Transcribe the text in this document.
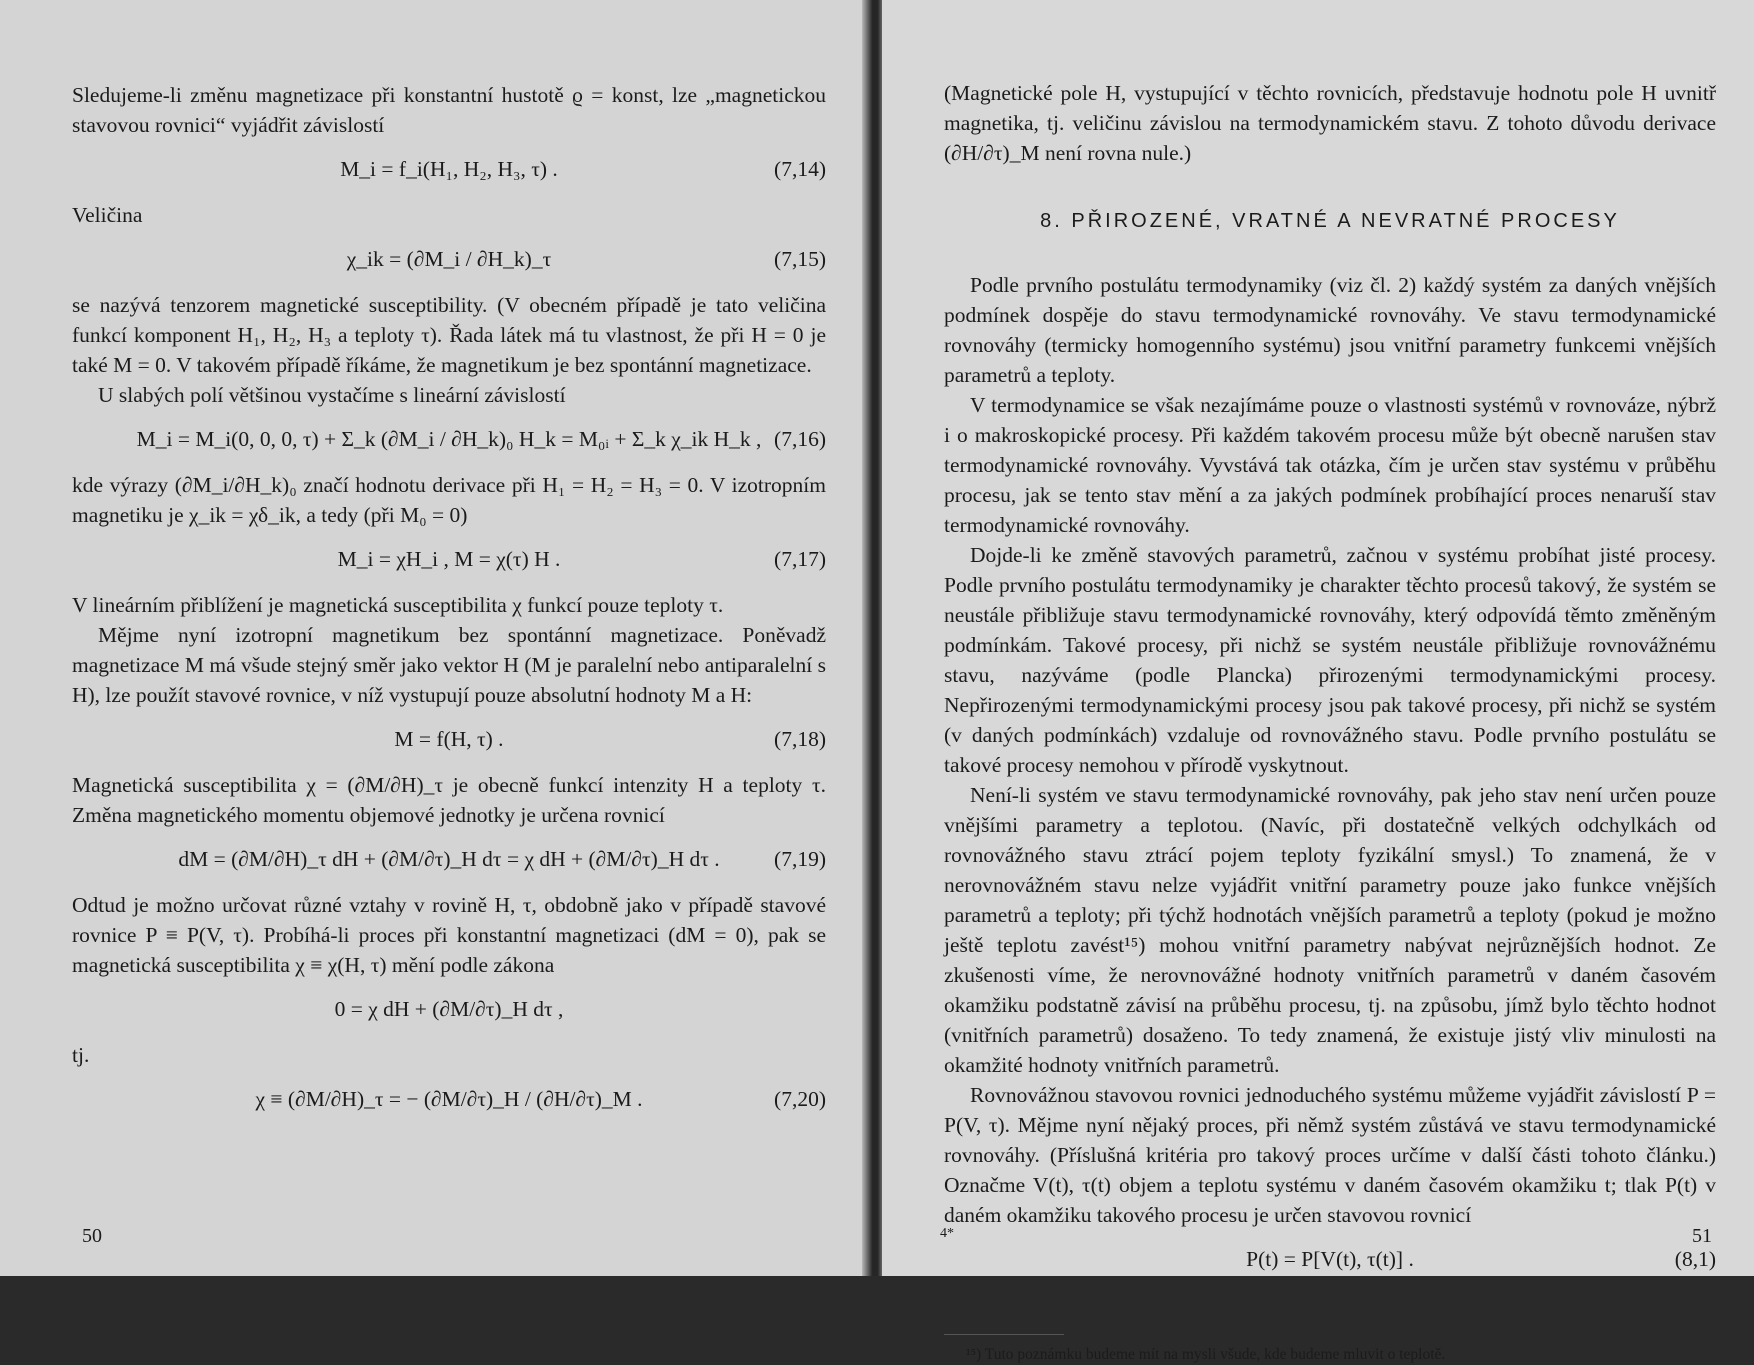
Sledujeme-li změnu magnetizace při konstantní hustotě ϱ = konst, lze „magnetickou stavovou rovnici“ vyjádřit závislostí

M_i = f_i(H₁, H₂, H₃, τ) .	(7,14)

Veličina

χ_ik = (∂M_i / ∂H_k)_τ	(7,15)

se nazývá tenzorem magnetické susceptibility. (V obecném případě je tato veličina funkcí komponent H₁, H₂, H₃ a teploty τ). Řada látek má tu vlastnost, že při H = 0 je také M = 0. V takovém případě říkáme, že magnetikum je bez spontánní magnetizace.

U slabých polí většinou vystačíme s lineární závislostí

M_i = M_i(0, 0, 0, τ) + Σ_k (∂M_i / ∂H_k)₀ H_k = M₀ᵢ + Σ_k χ_ik H_k , (7,16)

kde výrazy (∂M_i/∂H_k)₀ značí hodnotu derivace při H₁ = H₂ = H₃ = 0. V izotropním magnetiku je χ_ik = χδ_ik, a tedy (při M₀ = 0)

M_i = χH_i , M = χ(τ) H .	(7,17)

V lineárním přiblížení je magnetická susceptibilita χ funkcí pouze teploty τ.

Mějme nyní izotropní magnetikum bez spontánní magnetizace. Poněvadž magnetizace M má všude stejný směr jako vektor H (M je paralelní nebo antiparalelní s H), lze použít stavové rovnice, v níž vystupují pouze absolutní hodnoty M a H:

M = f(H, τ) .	(7,18)

Magnetická susceptibilita χ = (∂M/∂H)_τ je obecně funkcí intenzity H a teploty τ. Změna magnetického momentu objemové jednotky je určena rovnicí

dM = (∂M/∂H)_τ dH + (∂M/∂τ)_H dτ = χ dH + (∂M/∂τ)_H dτ .	(7,19)

Odtud je možno určovat různé vztahy v rovině H, τ, obdobně jako v případě stavové rovnice P ≡ P(V, τ). Probíhá-li proces při konstantní magnetizaci (dM = 0), pak se magnetická susceptibilita χ ≡ χ(H, τ) mění podle zákona

0 = χ dH + (∂M/∂τ)_H dτ ,

tj.

χ ≡ (∂M/∂H)_τ = − (∂M/∂τ)_H / (∂H/∂τ)_M .	(7,20)
50

(Magnetické pole H, vystupující v těchto rovnicích, představuje hodnotu pole H uvnitř magnetika, tj. veličinu závislou na termodynamickém stavu. Z tohoto důvodu derivace (∂H/∂τ)_M není rovna nule.)

8. PŘIROZENÉ, VRATNÉ A NEVRATNÉ PROCESY

Podle prvního postulátu termodynamiky (viz čl. 2) každý systém za daných vnějších podmínek dospěje do stavu termodynamické rovnováhy. Ve stavu termodynamické rovnováhy (termicky homogenního systému) jsou vnitřní parametry funkcemi vnějších parametrů a teploty.

V termodynamice se však nezajímáme pouze o vlastnosti systémů v rovnováze, nýbrž i o makroskopické procesy. Při každém takovém procesu může být obecně narušen stav termodynamické rovnováhy. Vyvstává tak otázka, čím je určen stav systému v průběhu procesu, jak se tento stav mění a za jakých podmínek probíhající proces nenaruší stav termodynamické rovnováhy.

Dojde-li ke změně stavových parametrů, začnou v systému probíhat jisté procesy. Podle prvního postulátu termodynamiky je charakter těchto procesů takový, že systém se neustále přibližuje stavu termodynamické rovnováhy, který odpovídá těmto změněným podmínkám. Takové procesy, při nichž se systém neustále přibližuje rovnovážnému stavu, nazýváme (podle Plancka) přirozenými termodynamickými procesy. Nepřirozenými termodynamickými procesy jsou pak takové procesy, při nichž se systém (v daných podmínkách) vzdaluje od rovnovážného stavu. Podle prvního postulátu se takové procesy nemohou v přírodě vyskytnout.

Není-li systém ve stavu termodynamické rovnováhy, pak jeho stav není určen pouze vnějšími parametry a teplotou. (Navíc, při dostatečně velkých odchylkách od rovnovážného stavu ztrácí pojem teploty fyzikální smysl.) To znamená, že v nerovnovážném stavu nelze vyjádřit vnitřní parametry pouze jako funkce vnějších parametrů a teploty; při týchž hodnotách vnějších parametrů a teploty (pokud je možno ještě teplotu zavést¹⁵) mohou vnitřní parametry nabývat nejrůznějších hodnot. Ze zkušenosti víme, že nerovnovážné hodnoty vnitřních parametrů v daném časovém okamžiku podstatně závisí na průběhu procesu, tj. na způsobu, jímž bylo těchto hodnot (vnitřních parametrů) dosaženo. To tedy znamená, že existuje jistý vliv minulosti na okamžité hodnoty vnitřních parametrů.

Rovnovážnou stavovou rovnici jednoduchého systému můžeme vyjádřit závislostí P = P(V, τ). Mějme nyní nějaký proces, při němž systém zůstává ve stavu termodynamické rovnováhy. (Příslušná kritéria pro takový proces určíme v další části tohoto článku.) Označme V(t), τ(t) objem a teplotu systému v daném časovém okamžiku t; tlak P(t) v daném okamžiku takového procesu je určen stavovou rovnicí

P(t) = P[V(t), τ(t)] .	(8,1)

¹⁵) Tuto poznámku budeme mít na mysli všude, kde budeme mluvit o teplotě.

51
4*
